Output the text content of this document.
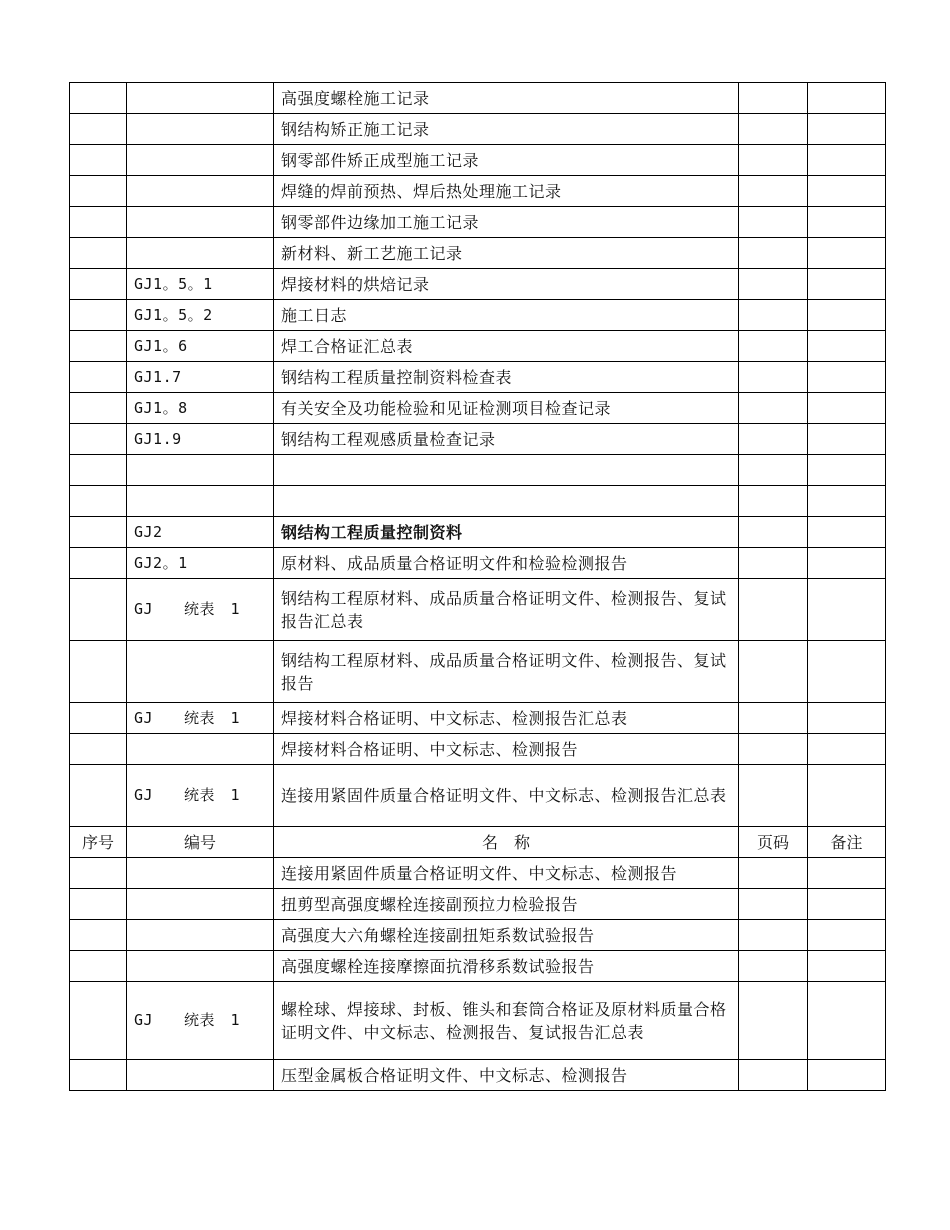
		高强度螺栓施工记录		
		钢结构矫正施工记录		
		钢零部件矫正成型施工记录		
		焊缝的焊前预热、焊后热处理施工记录		
		钢零部件边缘加工施工记录		
		新材料、新工艺施工记录		
	GJ1。5。1	焊接材料的烘焙记录		
	GJ1。5。2	施工日志		
	GJ1。6	焊工合格证汇总表		
	GJ1.7	钢结构工程质量控制资料检查表		
	GJ1。8	有关安全及功能检验和见证检测项目检查记录		
	GJ1.9	钢结构工程观感质量检查记录		

	GJ2	钢结构工程质量控制资料		
	GJ2。1	原材料、成品质量合格证明文件和检验检测报告		
	GJ　　统表　1	钢结构工程原材料、成品质量合格证明文件、检测报告、复试报告汇总表		
		钢结构工程原材料、成品质量合格证明文件、检测报告、复试报告		
	GJ　　统表　1	焊接材料合格证明、中文标志、检测报告汇总表		
		焊接材料合格证明、中文标志、检测报告		
	GJ　　统表　1	连接用紧固件质量合格证明文件、中文标志、检测报告汇总表		
序号	编号	名　称	页码	备注
		连接用紧固件质量合格证明文件、中文标志、检测报告		
		扭剪型高强度螺栓连接副预拉力检验报告		
		高强度大六角螺栓连接副扭矩系数试验报告		
		高强度螺栓连接摩擦面抗滑移系数试验报告		
	GJ　　统表　1	螺栓球、焊接球、封板、锥头和套筒合格证及原材料质量合格证明文件、中文标志、检测报告、复试报告汇总表		
		压型金属板合格证明文件、中文标志、检测报告		
